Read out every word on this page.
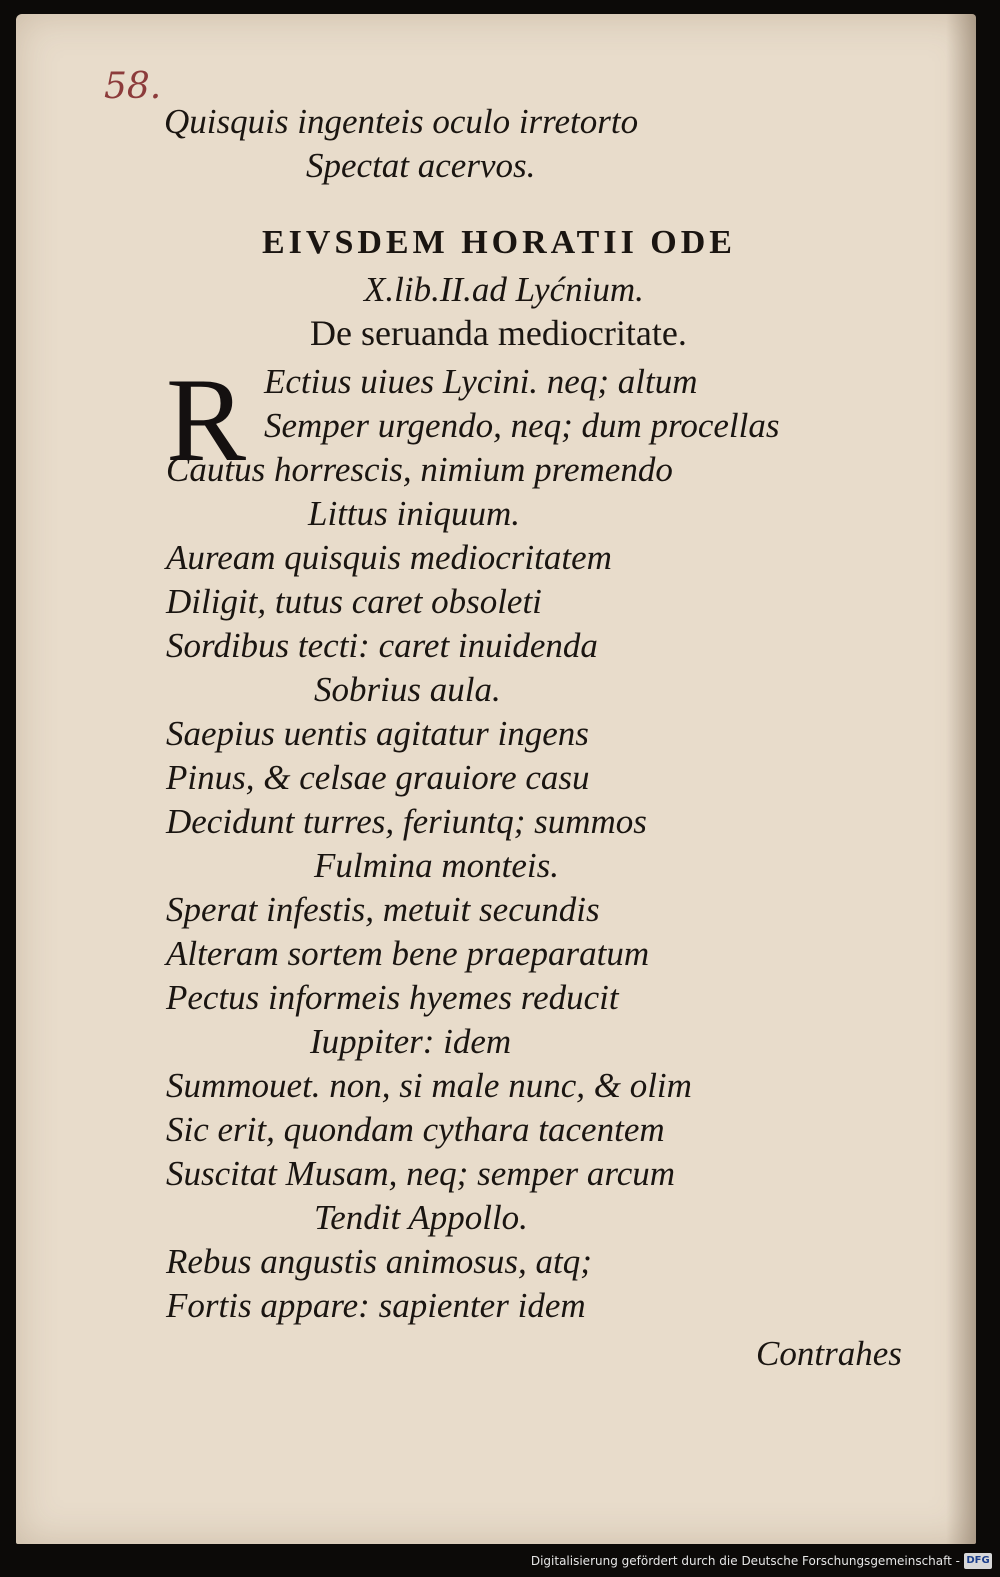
58.
Quisquis ingenteis oculo irretorto
Spectat acervos.
EIVSDEM HORATII ODE
X.lib.II.ad Lyćnium.
De seruanda mediocritate.
Ectius uiues Lycini. neq; altum
Semper urgendo, neq; dum procellas
Cautus horrescis, nimium premendo
Littus iniquum.
Auream quisquis mediocritatem
Diligit, tutus caret obsoleti
Sordibus tecti: caret inuidenda
Sobrius aula.
Saepius uentis agitatur ingens
Pinus, & celsae grauiore casu
Decidunt turres, feriuntq; summos
Fulmina monteis.
Sperat infestis, metuit secundis
Alteram sortem bene praeparatum
Pectus informeis hyemes reducit
Iuppiter: idem
Summouet. non, si male nunc, & olim
Sic erit, quondam cythara tacentem
Suscitat Musam, neq; semper arcum
Tendit Appollo.
Rebus angustis animosus, atq;
Fortis appare: sapienter idem
Contrahes
R
Digitalisierung gefördert durch die Deutsche Forschungsgemeinschaft - DFG
